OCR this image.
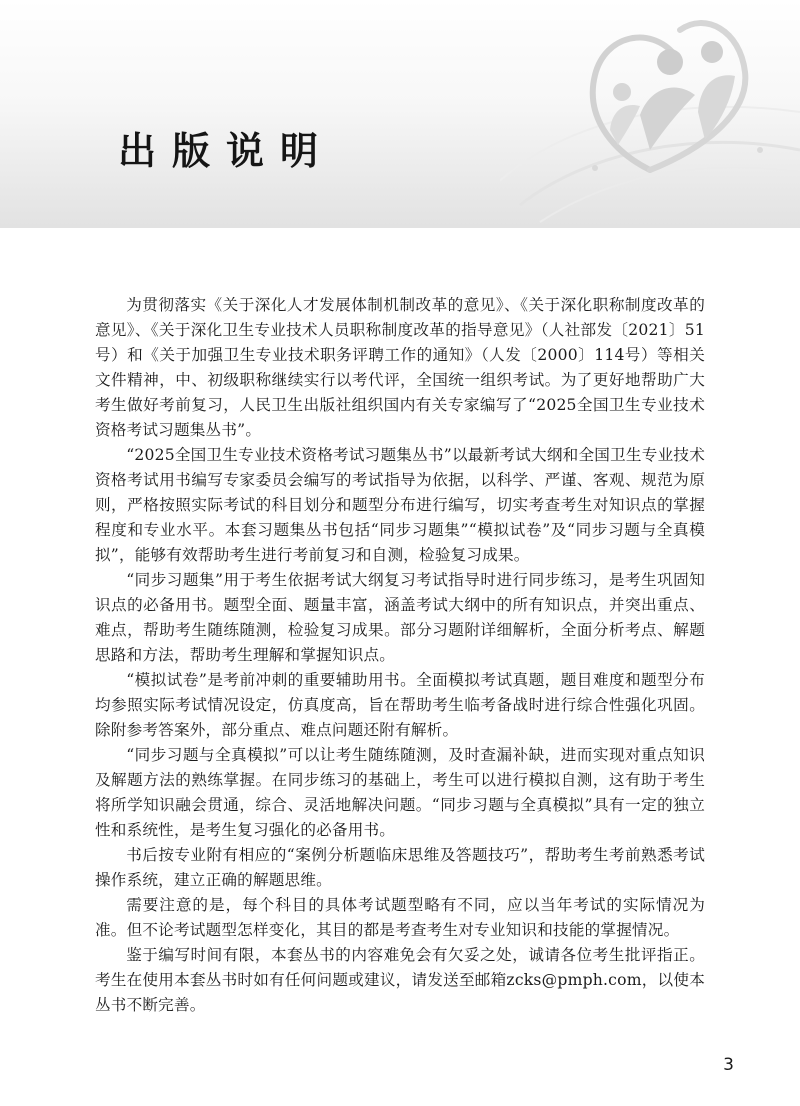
出版说明

为贯彻落实《关于深化人才发展体制机制改革的意见》、《关于深化职称制度改革的意见》、《关于深化卫生专业技术人员职称制度改革的指导意见》（人社部发〔2021〕51号）和《关于加强卫生专业技术职务评聘工作的通知》（人发〔2000〕114号）等相关文件精神，中、初级职称继续实行以考代评，全国统一组织考试。为了更好地帮助广大考生做好考前复习，人民卫生出版社组织国内有关专家编写了“2025全国卫生专业技术资格考试习题集丛书”。

“2025全国卫生专业技术资格考试习题集丛书”以最新考试大纲和全国卫生专业技术资格考试用书编写专家委员会编写的考试指导为依据，以科学、严谨、客观、规范为原则，严格按照实际考试的科目划分和题型分布进行编写，切实考查考生对知识点的掌握程度和专业水平。本套习题集丛书包括“同步习题集”“模拟试卷”及“同步习题与全真模拟”，能够有效帮助考生进行考前复习和自测，检验复习成果。

“同步习题集”用于考生依据考试大纲复习考试指导时进行同步练习，是考生巩固知识点的必备用书。题型全面、题量丰富，涵盖考试大纲中的所有知识点，并突出重点、难点，帮助考生随练随测，检验复习成果。部分习题附详细解析，全面分析考点、解题思路和方法，帮助考生理解和掌握知识点。

“模拟试卷”是考前冲刺的重要辅助用书。全面模拟考试真题，题目难度和题型分布均参照实际考试情况设定，仿真度高，旨在帮助考生临考备战时进行综合性强化巩固。除附参考答案外，部分重点、难点问题还附有解析。

“同步习题与全真模拟”可以让考生随练随测，及时查漏补缺，进而实现对重点知识及解题方法的熟练掌握。在同步练习的基础上，考生可以进行模拟自测，这有助于考生将所学知识融会贯通，综合、灵活地解决问题。“同步习题与全真模拟”具有一定的独立性和系统性，是考生复习强化的必备用书。

书后按专业附有相应的“案例分析题临床思维及答题技巧”，帮助考生考前熟悉考试操作系统，建立正确的解题思维。

需要注意的是，每个科目的具体考试题型略有不同，应以当年考试的实际情况为准。但不论考试题型怎样变化，其目的都是考查考生对专业知识和技能的掌握情况。

鉴于编写时间有限，本套丛书的内容难免会有欠妥之处，诚请各位考生批评指正。考生在使用本套丛书时如有任何问题或建议，请发送至邮箱zcks@pmph.com，以使本丛书不断完善。

3
